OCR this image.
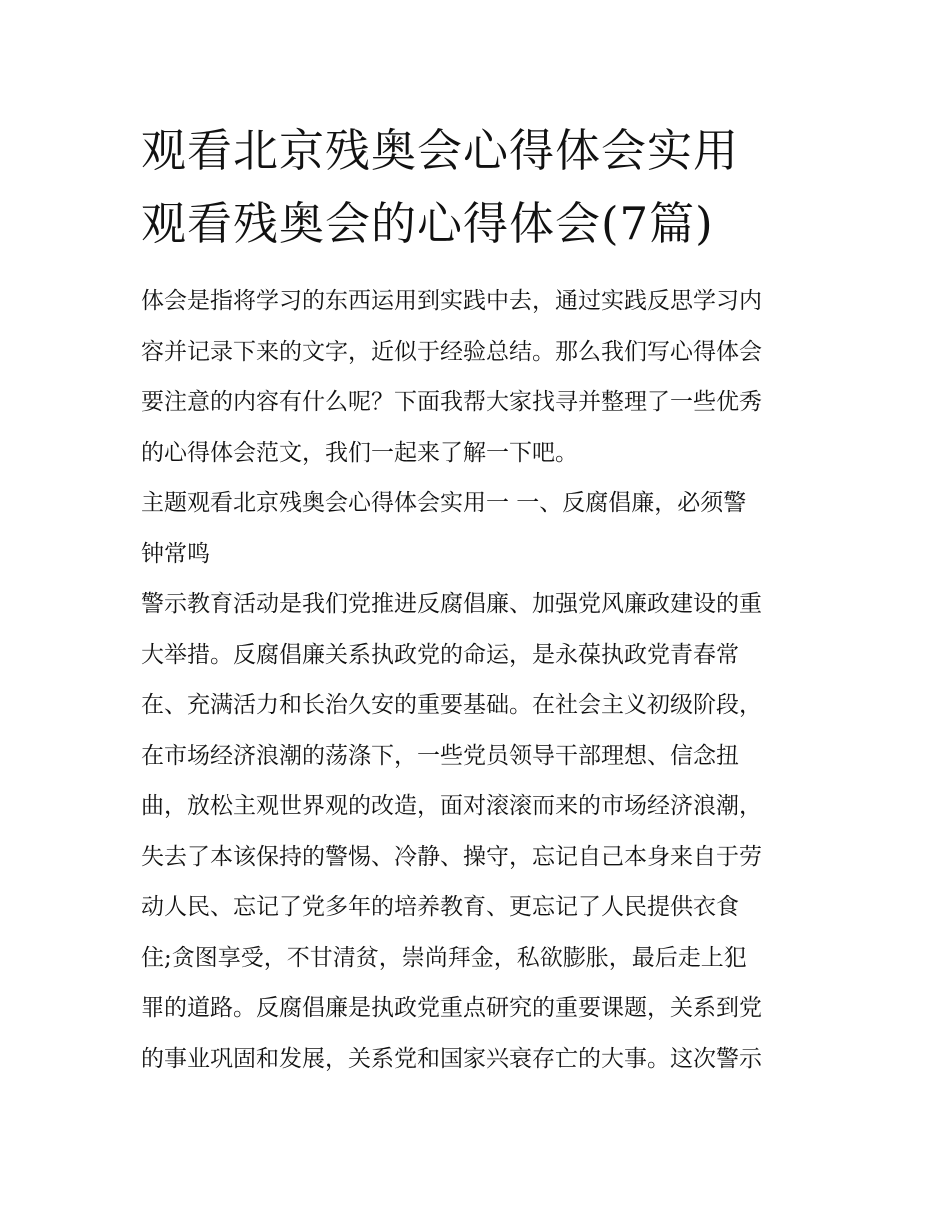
观看北京残奥会心得体会实用
观看残奥会的心得体会(7篇)
体会是指将学习的东西运用到实践中去，通过实践反思学习内
容并记录下来的文字，近似于经验总结。那么我们写心得体会
要注意的内容有什么呢？下面我帮大家找寻并整理了一些优秀
的心得体会范文，我们一起来了解一下吧。
主题观看北京残奥会心得体会实用一 一、反腐倡廉，必须警
钟常鸣
警示教育活动是我们党推进反腐倡廉、加强党风廉政建设的重
大举措。反腐倡廉关系执政党的命运，是永葆执政党青春常
在、充满活力和长治久安的重要基础。在社会主义初级阶段，
在市场经济浪潮的荡涤下，一些党员领导干部理想、信念扭
曲，放松主观世界观的改造，面对滚滚而来的市场经济浪潮，
失去了本该保持的警惕、冷静、操守，忘记自己本身来自于劳
动人民、忘记了党多年的培养教育、更忘记了人民提供衣食
住;贪图享受，不甘清贫，崇尚拜金，私欲膨胀，最后走上犯
罪的道路。反腐倡廉是执政党重点研究的重要课题，关系到党
的事业巩固和发展，关系党和国家兴衰存亡的大事。这次警示
